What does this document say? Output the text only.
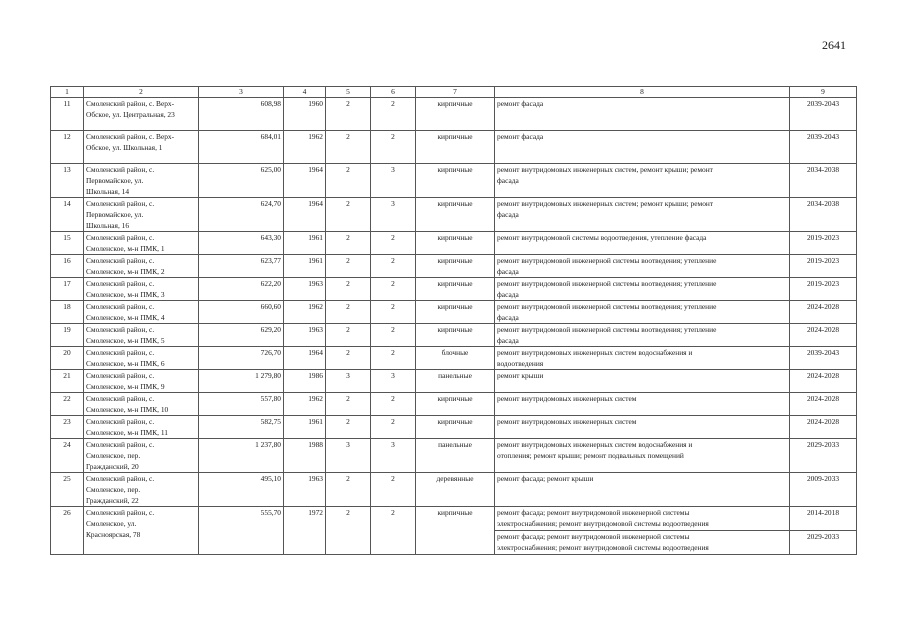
2641
1	2	3	4	5	6	7	8	9
11	Смоленский район, с. Верх-
Обское, ул. Центральная, 23	608,98	1960	2	2	кирпичные	ремонт фасада	2039-2043
12	Смоленский район, с. Верх-
Обское, ул. Школьная, 1	684,01	1962	2	2	кирпичные	ремонт фасада	2039-2043
13	Смоленский район, с.
Первомайское, ул.
Школьная, 14	625,00	1964	2	3	кирпичные	ремонт внутридомовых инженерных систем, ремонт крыши; ремонт
фасада	2034-2038
14	Смоленский район, с.
Первомайское, ул.
Школьная, 16	624,70	1964	2	3	кирпичные	ремонт внутридомовых инженерных систем; ремонт крыши; ремонт
фасада	2034-2038
15	Смоленский район, с.
Смоленское, м-н ПМК, 1	643,30	1961	2	2	кирпичные	ремонт внутридомовой системы водоотведения, утепление фасада	2019-2023
16	Смоленский район, с.
Смоленское, м-н ПМК, 2	623,77	1961	2	2	кирпичные	ремонт внутридомовой инженерной системы воотведения; утепление
фасада	2019-2023
17	Смоленский район, с.
Смоленское, м-н ПМК, 3	622,20	1963	2	2	кирпичные	ремонт внутридомовой инженерной системы воотведения; утепление
фасада	2019-2023
18	Смоленский район, с.
Смоленское, м-н ПМК, 4	660,60	1962	2	2	кирпичные	ремонт внутридомовой инженерной системы воотведения; утепление
фасада	2024-2028
19	Смоленский район, с.
Смоленское, м-н ПМК, 5	629,20	1963	2	2	кирпичные	ремонт внутридомовой инженерной системы воотведения; утепление
фасада	2024-2028
20	Смоленский район, с.
Смоленское, м-н ПМК, 6	726,70	1964	2	2	блочные	ремонт внутридомовых инженерных систем водоснабжения и
водоотведения	2039-2043
21	Смоленский район, с.
Смоленское, м-н ПМК, 9	1 279,80	1986	3	3	панельные	ремонт крыши	2024-2028
22	Смоленский район, с.
Смоленское, м-н ПМК, 10	557,80	1962	2	2	кирпичные	ремонт внутридомовых инженерных систем	2024-2028
23	Смоленский район, с.
Смоленское, м-н ПМК, 11	582,75	1961	2	2	кирпичные	ремонт внутридомовых инженерных систем	2024-2028
24	Смоленский район, с.
Смоленское, пер.
Гражданский, 20	1 237,80	1988	3	3	панельные	ремонт внутридомовых инженерных систем водоснабжения и
отопления; ремонт крыши; ремонт подвальных помещений	2029-2033
25	Смоленский район, с.
Смоленское, пер.
Гражданский, 22	495,10	1963	2	2	деревянные	ремонт фасада; ремонт крыши	2009-2033
26	Смоленский район, с.
Смоленское, ул.
Красноярская, 78	555,70	1972	2	2	кирпичные	ремонт фасада; ремонт внутридомовой инженерной системы
электроснабжения; ремонт внутридомовой системы водоотведения	2014-2018
							ремонт фасада; ремонт внутридомовой инженерной системы
электроснабжения; ремонт внутридомовой системы водоотведения	2029-2033
